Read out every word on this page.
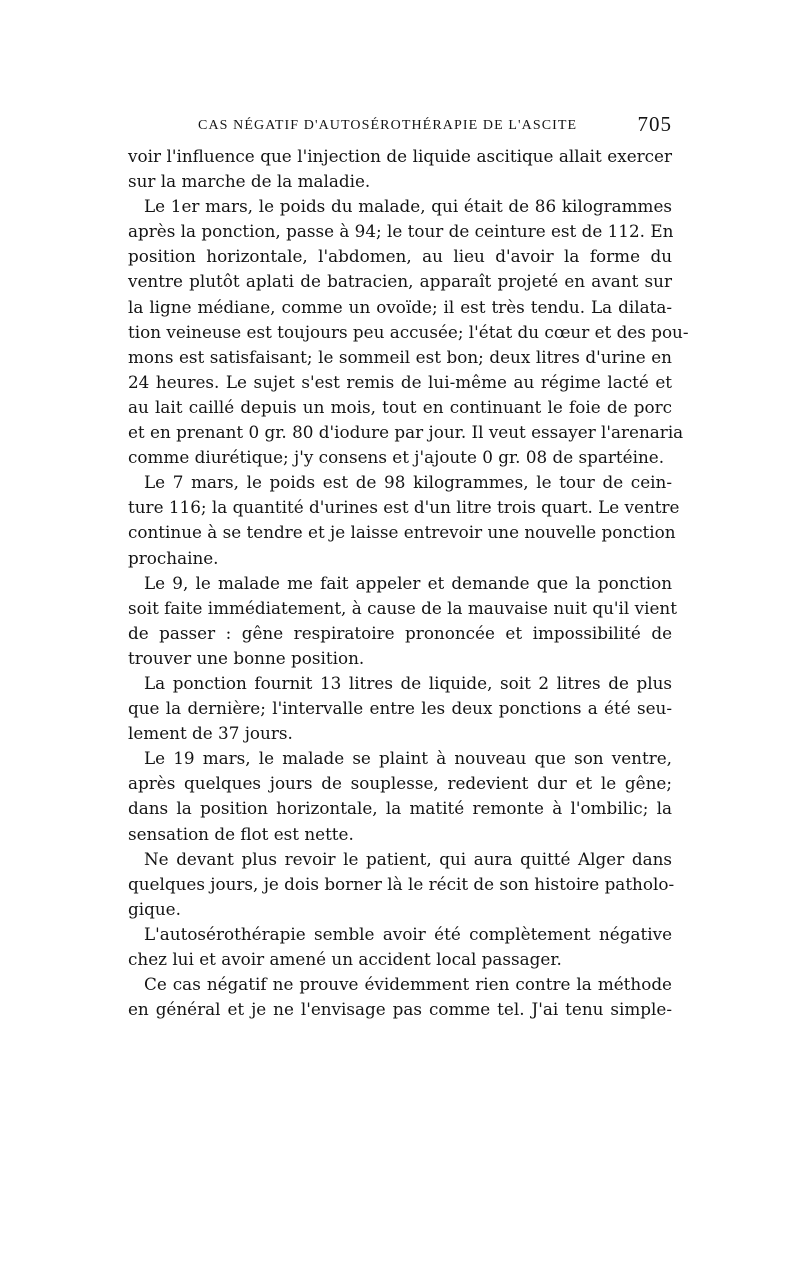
CAS NÉGATIF D'AUTOSÉROTHÉRAPIE DE L'ASCITE	705
voir l'influence que l'injection de liquide ascitique allait exercer
sur la marche de la maladie.
Le 1er mars, le poids du malade, qui était de 86 kilogrammes
après la ponction, passe à 94; le tour de ceinture est de 112. En
position horizontale, l'abdomen, au lieu d'avoir la forme du
ventre plutôt aplati de batracien, apparaît projeté en avant sur
la ligne médiane, comme un ovoïde; il est très tendu. La dilata-
tion veineuse est toujours peu accusée; l'état du cœur et des pou-
mons est satisfaisant; le sommeil est bon; deux litres d'urine en
24 heures. Le sujet s'est remis de lui-même au régime lacté et
au lait caillé depuis un mois, tout en continuant le foie de porc
et en prenant 0 gr. 80 d'iodure par jour. Il veut essayer l'arenaria
comme diurétique; j'y consens et j'ajoute 0 gr. 08 de spartéine.
Le 7 mars, le poids est de 98 kilogrammes, le tour de cein-
ture 116; la quantité d'urines est d'un litre trois quart. Le ventre
continue à se tendre et je laisse entrevoir une nouvelle ponction
prochaine.
Le 9, le malade me fait appeler et demande que la ponction
soit faite immédiatement, à cause de la mauvaise nuit qu'il vient
de passer : gêne respiratoire prononcée et impossibilité de
trouver une bonne position.
La ponction fournit 13 litres de liquide, soit 2 litres de plus
que la dernière; l'intervalle entre les deux ponctions a été seu-
lement de 37 jours.
Le 19 mars, le malade se plaint à nouveau que son ventre,
après quelques jours de souplesse, redevient dur et le gêne;
dans la position horizontale, la matité remonte à l'ombilic; la
sensation de flot est nette.
Ne devant plus revoir le patient, qui aura quitté Alger dans
quelques jours, je dois borner là le récit de son histoire patholo-
gique.
L'autosérothérapie semble avoir été complètement négative
chez lui et avoir amené un accident local passager.
Ce cas négatif ne prouve évidemment rien contre la méthode
en général et je ne l'envisage pas comme tel. J'ai tenu simple-
